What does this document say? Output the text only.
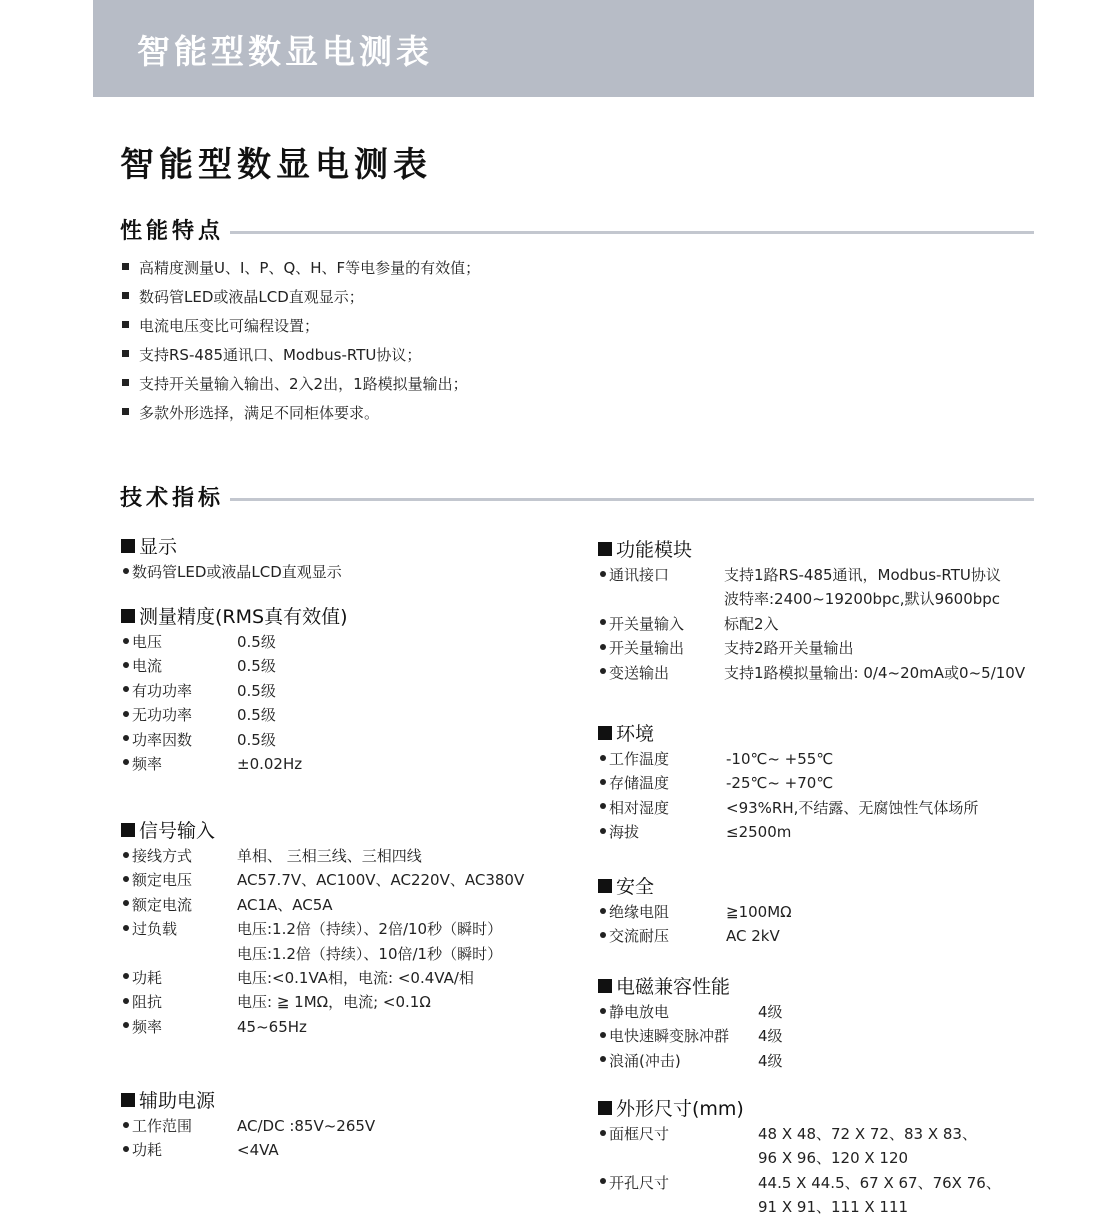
智能型数显电测表
智能型数显电测表
性能特点
高精度测量U、I、P、Q、H、F等电参量的有效值；
数码管LED或液晶LCD直观显示；
电流电压变比可编程设置；
支持RS-485通讯口、Modbus-RTU协议；
支持开关量输入输出、2入2出，1路模拟量输出；
多款外形选择，满足不同柜体要求。
技术指标
显示
数码管LED或液晶LCD直观显示
测量精度(RMS真有效值)
电压	0.5级
电流	0.5级
有功功率	0.5级
无功功率	0.5级
功率因数	0.5级
频率	±0.02Hz
信号输入
接线方式	单相、 三相三线、三相四线
额定电压	AC57.7V、AC100V、AC220V、AC380V
额定电流	AC1A、AC5A
过负载	电压:1.2倍（持续）、2倍/10秒（瞬时）
电压:1.2倍（持续）、10倍/1秒（瞬时）
功耗	电压:<0.1VA相，电流: <0.4VA/相
阻抗	电压: ≧ 1MΩ，电流; <0.1Ω
频率	45~65Hz
辅助电源
工作范围	AC/DC :85V~265V
功耗	<4VA
功能模块
通讯接口	支持1路RS-485通讯，Modbus-RTU协议
波特率:2400~19200bpc,默认9600bpc
开关量输入	标配2入
开关量输出	支持2路开关量输出
变送输出	支持1路模拟量输出: 0/4~20mA或0~5/10V
环境
工作温度	-10℃~ +55℃
存储温度	-25℃~ +70℃
相对湿度	<93%RH,不结露、无腐蚀性气体场所
海拔	≤2500m
安全
绝缘电阻	≧100MΩ
交流耐压	AC 2kV
电磁兼容性能
静电放电	4级
电快速瞬变脉冲群 4级
浪涌(冲击)	4级
外形尺寸(mm)
面框尺寸	48 X 48、72 X 72、83 X 83、
96 X 96、120 X 120
开孔尺寸	44.5 X 44.5、67 X 67、76X 76、
91 X 91、111 X 111
